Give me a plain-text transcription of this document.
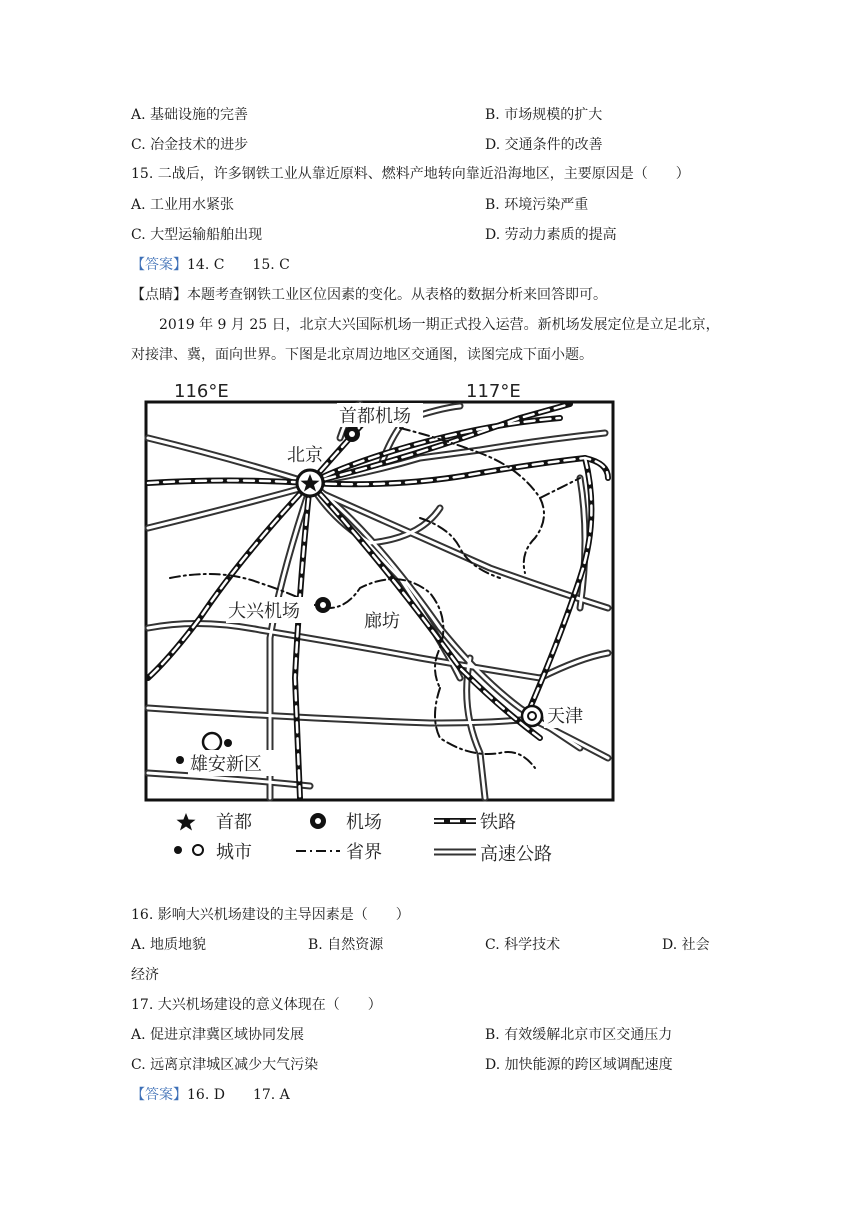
A. 基础设施的完善	B. 市场规模的扩大
C. 冶金技术的进步	D. 交通条件的改善
15. 二战后，许多钢铁工业从靠近原料、燃料产地转向靠近沿海地区，主要原因是（　　）
A. 工业用水紧张	B. 环境污染严重
C. 大型运输船舶出现	D. 劳动力素质的提高
【答案】14. C　　15. C
【点睛】本题考查钢铁工业区位因素的变化。从表格的数据分析来回答即可。
2019 年 9 月 25 日，北京大兴国际机场一期正式投入运营。新机场发展定位是立足北京，
对接津、冀，面向世界。下图是北京周边地区交通图，读图完成下面小题。
116°E	117°E
北京
首都机场
大兴机场	廊坊
天津
雄安新区
首都	机场	铁路
城市	省界	高速公路
16. 影响大兴机场建设的主导因素是（　　）
A. 地质地貌	B. 自然资源	C. 科学技术	D. 社会
经济
17. 大兴机场建设的意义体现在（　　）
A. 促进京津冀区域协同发展	B. 有效缓解北京市区交通压力
C. 远离京津城区减少大气污染	D. 加快能源的跨区域调配速度
【答案】16. D　　17. A
